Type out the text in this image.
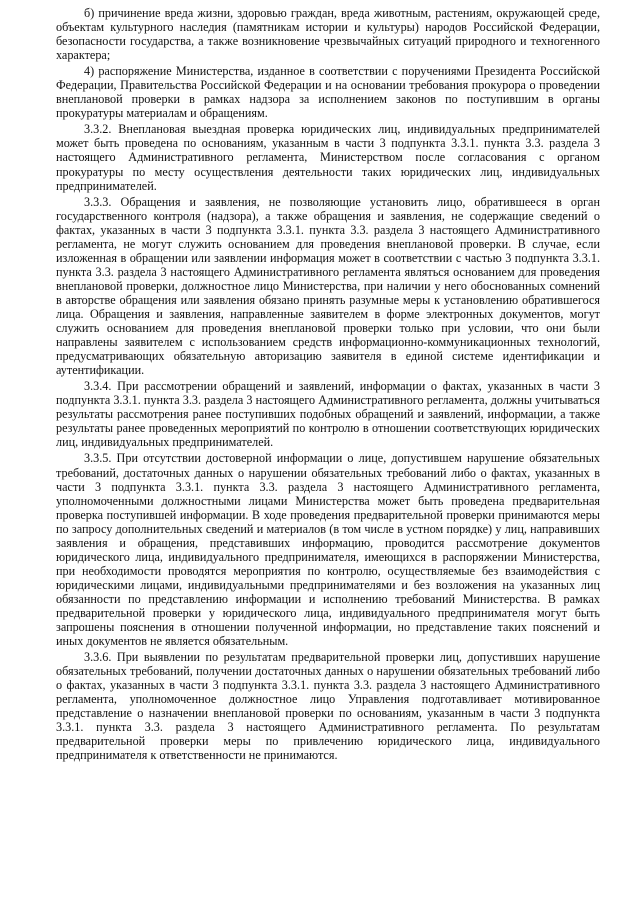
б) причинение вреда жизни, здоровью граждан, вреда животным, растениям, окружающей среде, объектам культурного наследия (памятникам истории и культуры) народов Российской Федерации, безопасности государства, а также возникновение чрезвычайных ситуаций природного и техногенного характера;

4) распоряжение Министерства, изданное в соответствии с поручениями Президента Российской Федерации, Правительства Российской Федерации и на основании требования прокурора о проведении внеплановой проверки в рамках надзора за исполнением законов по поступившим в органы прокуратуры материалам и обращениям.

3.3.2. Внеплановая выездная проверка юридических лиц, индивидуальных предпринимателей может быть проведена по основаниям, указанным в части 3 подпункта 3.3.1. пункта 3.3. раздела 3 настоящего Административного регламента, Министерством после согласования с органом прокуратуры по месту осуществления деятельности таких юридических лиц, индивидуальных предпринимателей.

3.3.3. Обращения и заявления, не позволяющие установить лицо, обратившееся в орган государственного контроля (надзора), а также обращения и заявления, не содержащие сведений о фактах, указанных в части 3 подпункта 3.3.1. пункта 3.3. раздела 3 настоящего Административного регламента, не могут служить основанием для проведения внеплановой проверки. В случае, если изложенная в обращении или заявлении информация может в соответствии с частью 3 подпункта 3.3.1. пункта 3.3. раздела 3 настоящего Административного регламента являться основанием для проведения внеплановой проверки, должностное лицо Министерства, при наличии у него обоснованных сомнений в авторстве обращения или заявления обязано принять разумные меры к установлению обратившегося лица. Обращения и заявления, направленные заявителем в форме электронных документов, могут служить основанием для проведения внеплановой проверки только при условии, что они были направлены заявителем с использованием средств информационно-коммуникационных технологий, предусматривающих обязательную авторизацию заявителя в единой системе идентификации и аутентификации.

3.3.4. При рассмотрении обращений и заявлений, информации о фактах, указанных в части 3 подпункта 3.3.1. пункта 3.3. раздела 3 настоящего Административного регламента, должны учитываться результаты рассмотрения ранее поступивших подобных обращений и заявлений, информации, а также результаты ранее проведенных мероприятий по контролю в отношении соответствующих юридических лиц, индивидуальных предпринимателей.

3.3.5. При отсутствии достоверной информации о лице, допустившем нарушение обязательных требований, достаточных данных о нарушении обязательных требований либо о фактах, указанных в части 3 подпункта 3.3.1. пункта 3.3. раздела 3 настоящего Административного регламента, уполномоченными должностными лицами Министерства может быть проведена предварительная проверка поступившей информации. В ходе проведения предварительной проверки принимаются меры по запросу дополнительных сведений и материалов (в том числе в устном порядке) у лиц, направивших заявления и обращения, представивших информацию, проводится рассмотрение документов юридического лица, индивидуального предпринимателя, имеющихся в распоряжении Министерства, при необходимости проводятся мероприятия по контролю, осуществляемые без взаимодействия с юридическими лицами, индивидуальными предпринимателями и без возложения на указанных лиц обязанности по представлению информации и исполнению требований Министерства. В рамках предварительной проверки у юридического лица, индивидуального предпринимателя могут быть запрошены пояснения в отношении полученной информации, но представление таких пояснений и иных документов не является обязательным.

3.3.6. При выявлении по результатам предварительной проверки лиц, допустивших нарушение обязательных требований, получении достаточных данных о нарушении обязательных требований либо о фактах, указанных в части 3 подпункта 3.3.1. пункта 3.3. раздела 3 настоящего Административного регламента, уполномоченное должностное лицо Управления подготавливает мотивированное представление о назначении внеплановой проверки по основаниям, указанным в части 3 подпункта 3.3.1. пункта 3.3. раздела 3 настоящего Административного регламента. По результатам предварительной проверки меры по привлечению юридического лица, индивидуального предпринимателя к ответственности не принимаются.
